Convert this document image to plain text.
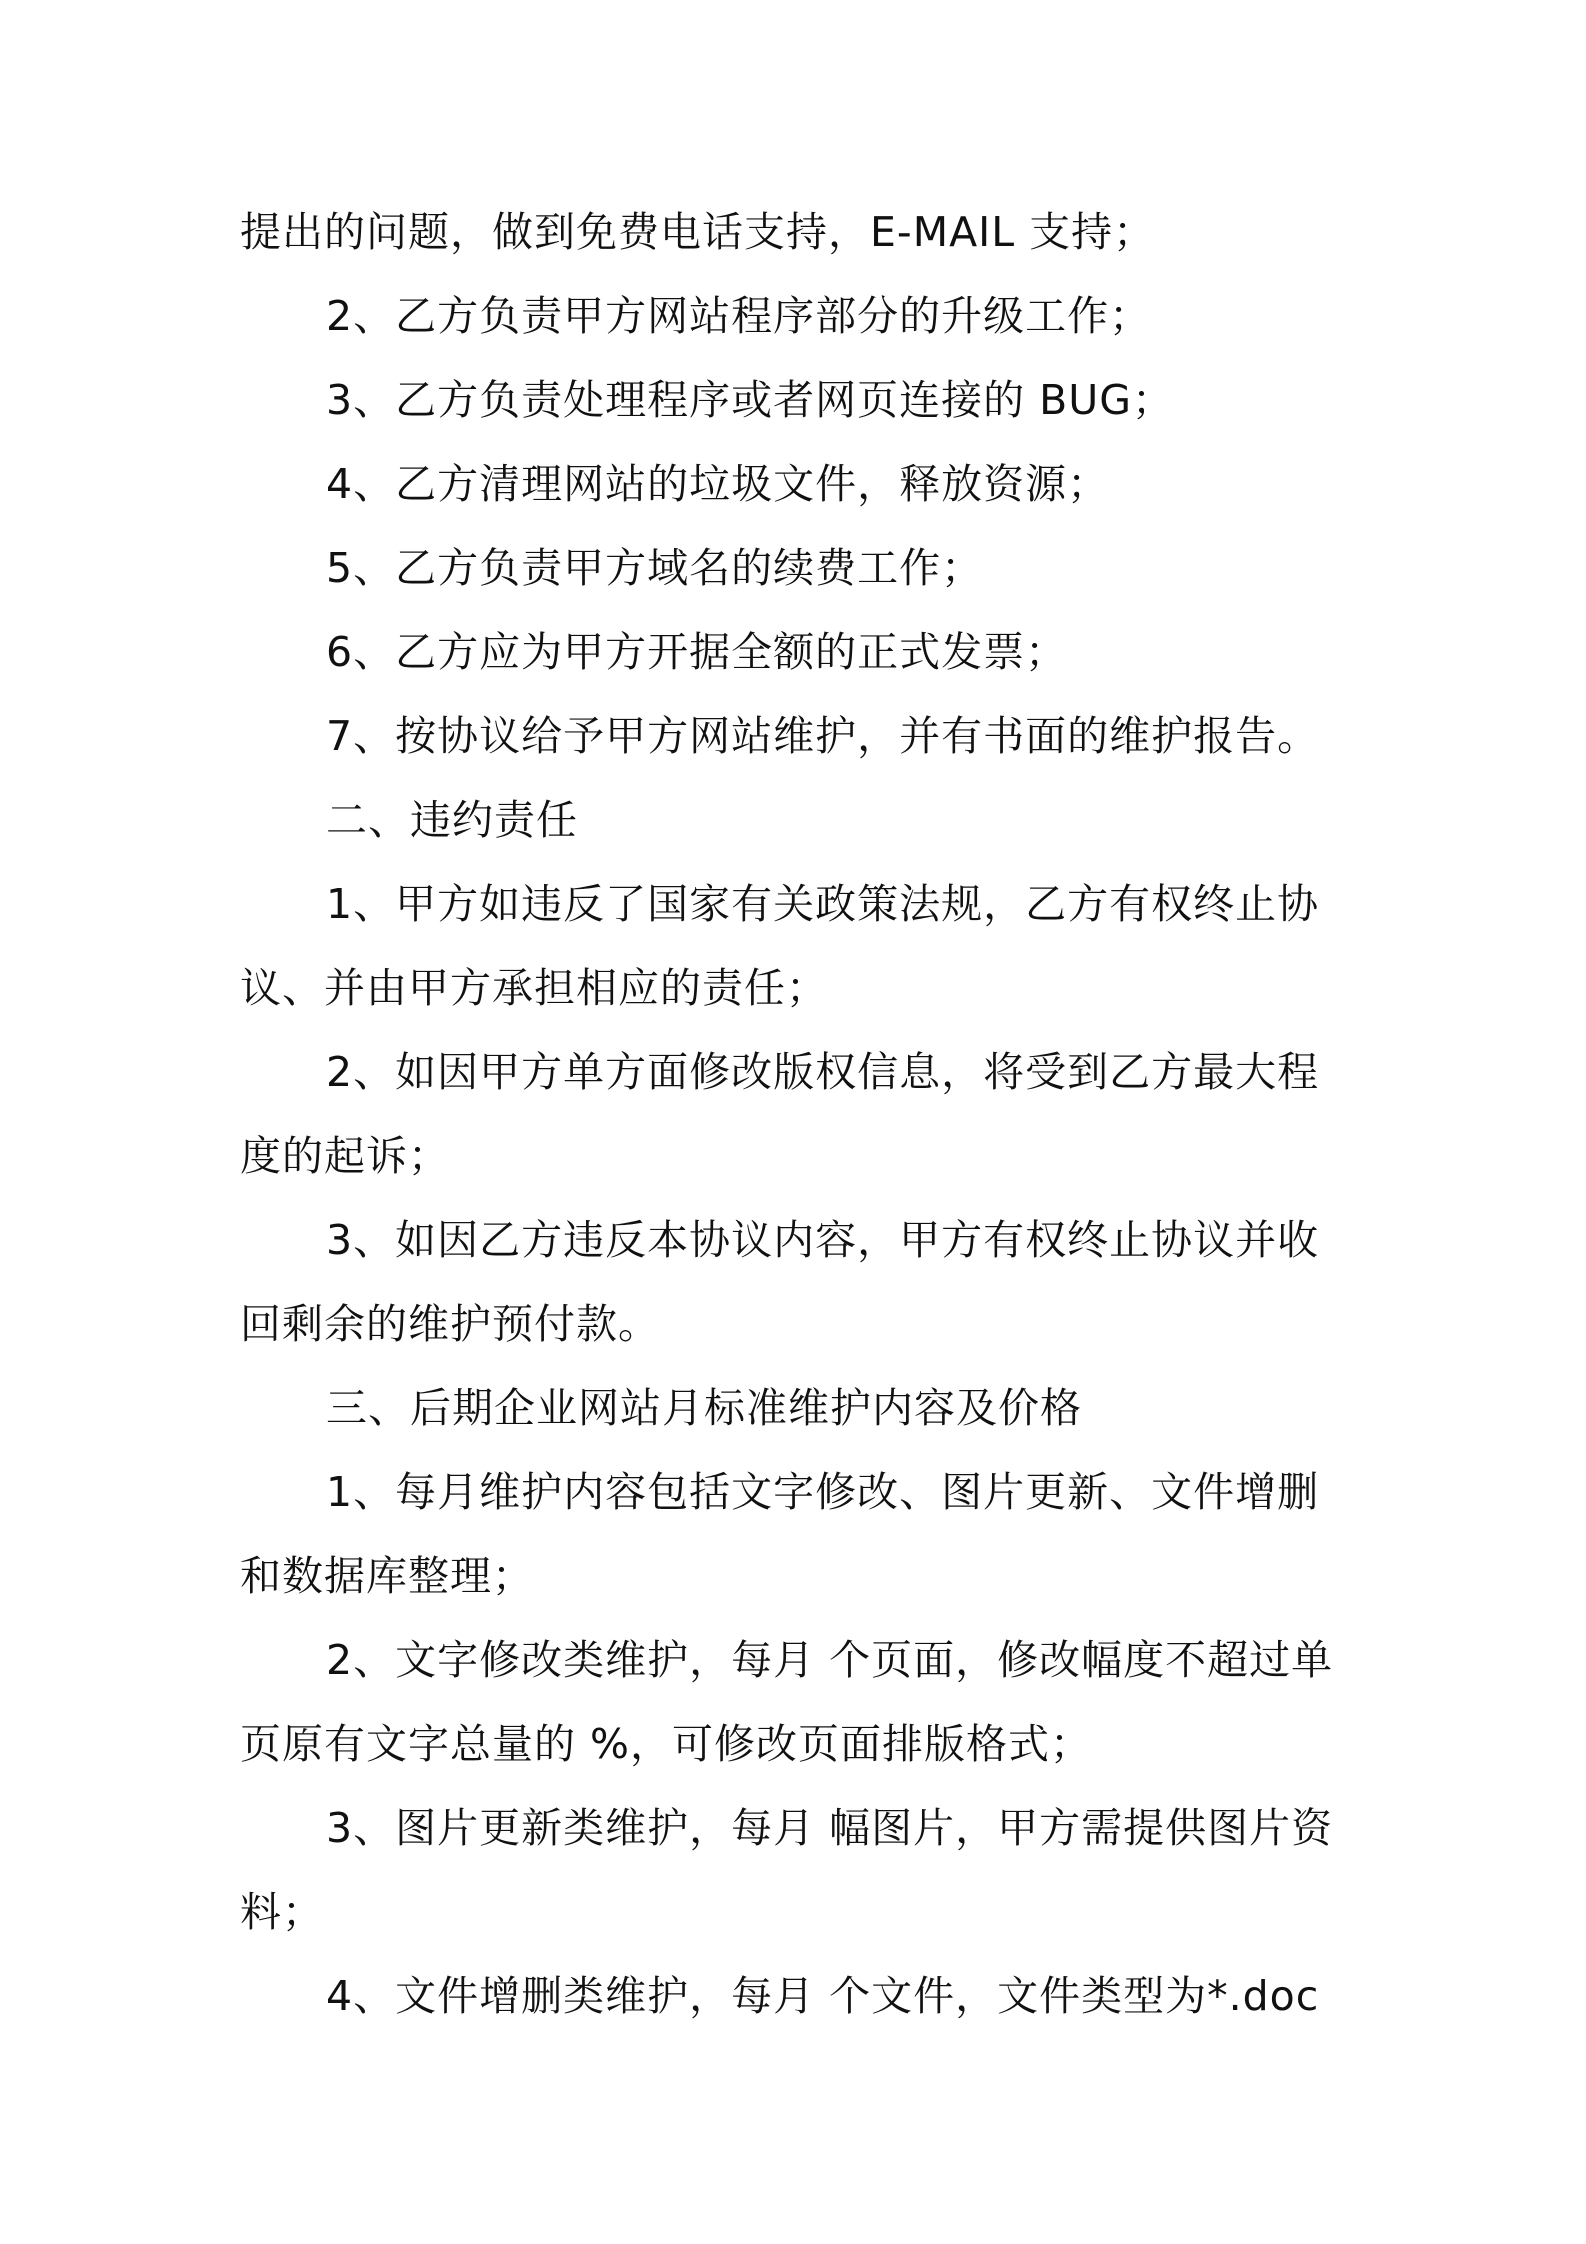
提出的问题，做到免费电话支持，E-MAIL 支持；

2、乙方负责甲方网站程序部分的升级工作；

3、乙方负责处理程序或者网页连接的 BUG；

4、乙方清理网站的垃圾文件，释放资源；

5、乙方负责甲方域名的续费工作；

6、乙方应为甲方开据全额的正式发票；

7、按协议给予甲方网站维护，并有书面的维护报告。

二、违约责任

1、甲方如违反了国家有关政策法规，乙方有权终止协

议、并由甲方承担相应的责任；

2、如因甲方单方面修改版权信息，将受到乙方最大程

度的起诉；

3、如因乙方违反本协议内容，甲方有权终止协议并收

回剩余的维护预付款。

三、后期企业网站月标准维护内容及价格

1、每月维护内容包括文字修改、图片更新、文件增删

和数据库整理；

2、文字修改类维护，每月 个页面，修改幅度不超过单

页原有文字总量的 %，可修改页面排版格式；

3、图片更新类维护，每月 幅图片，甲方需提供图片资

料；

4、文件增删类维护，每月 个文件，文件类型为*.doc
